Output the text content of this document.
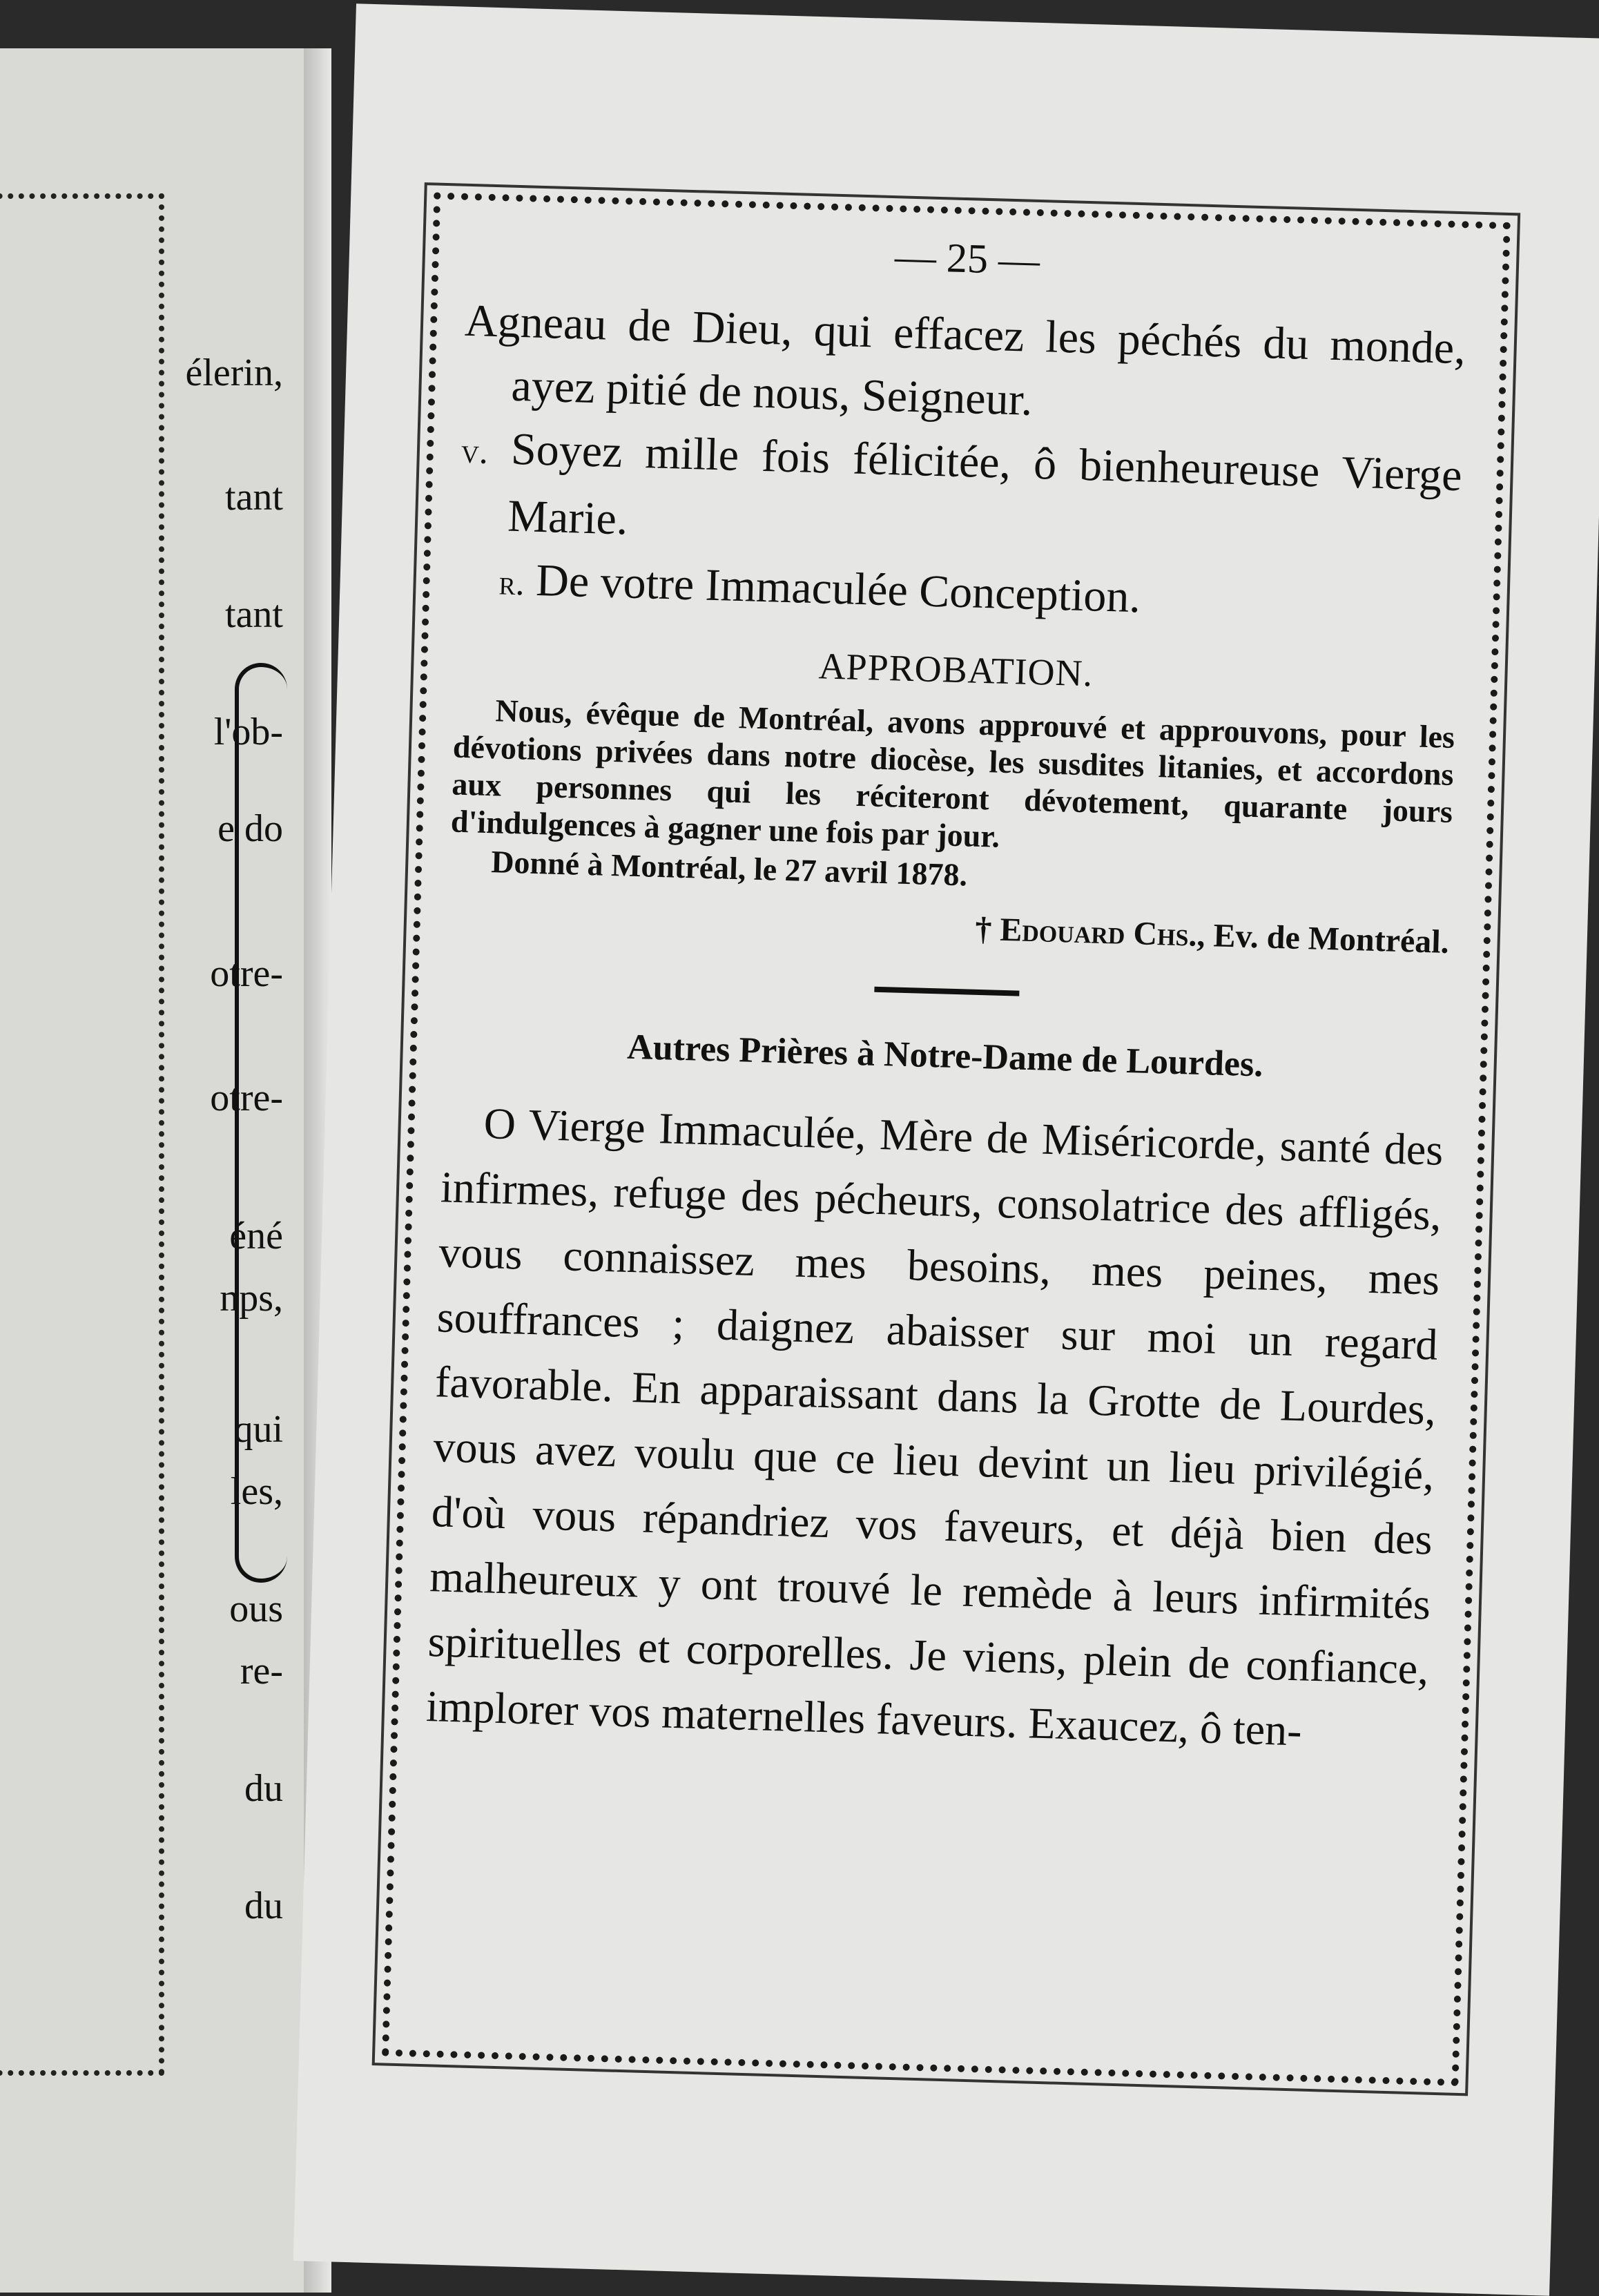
élerin,
tant
tant
l'ob-
e do
otre-
otre-
éné
nps,
qui
les,
ous
re-
du
du
— 25 —

Agneau de Dieu, qui effacez les péchés du monde, ayez pitié de nous, Seigneur.

v. Soyez mille fois félicitée, ô bienheureuse Vierge Marie.

r. De votre Immaculée Conception.

APPROBATION.

Nous, évêque de Montréal, avons approuvé et approuvons, pour les dévotions privées dans notre diocèse, les susdites litanies, et accordons aux personnes qui les réciteront dévotement, quarante jours d'indulgences à gagner une fois par jour.

Donné à Montréal, le 27 avril 1878.

† Edouard Chs., Ev. de Montréal.
Autres Prières à Notre-Dame de Lourdes.

O Vierge Immaculée, Mère de Miséricorde, santé des infirmes, refuge des pécheurs, consolatrice des affligés, vous connaissez mes besoins, mes peines, mes souffrances ; daignez abaisser sur moi un regard favorable. En apparaissant dans la Grotte de Lourdes, vous avez voulu que ce lieu devint un lieu privilégié, d'où vous répandriez vos faveurs, et déjà bien des malheureux y ont trouvé le remède à leurs infirmités spirituelles et corporelles. Je viens, plein de confiance, implorer vos maternelles faveurs. Exaucez, ô ten-
